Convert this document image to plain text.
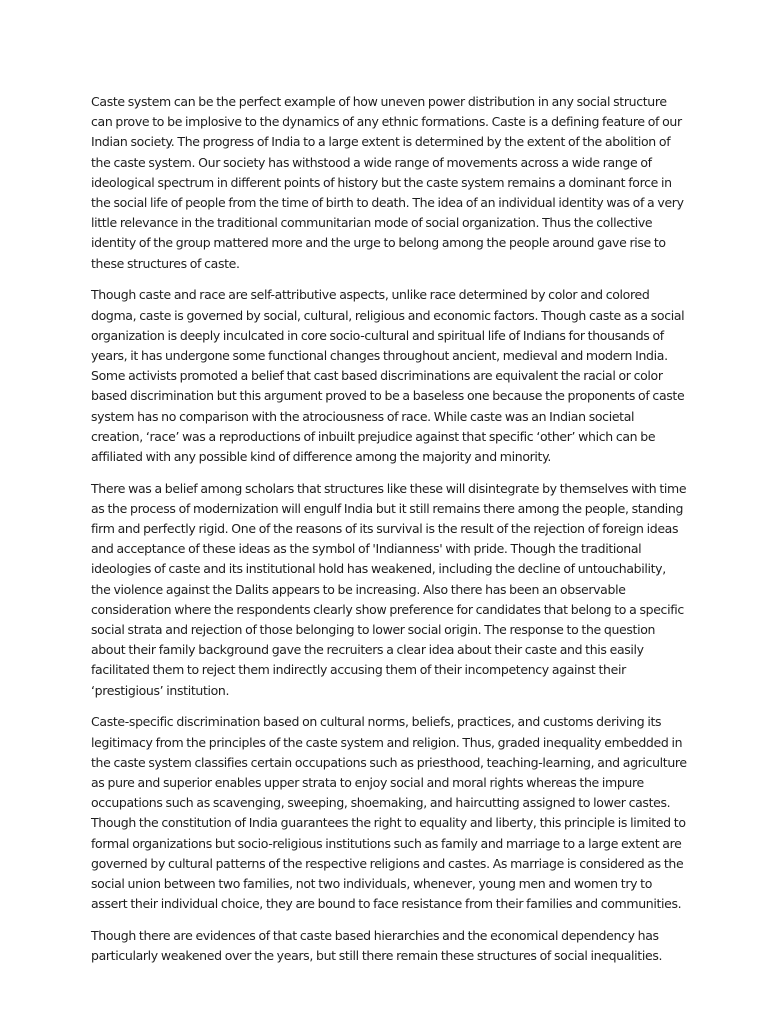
Caste system can be the perfect example of how uneven power distribution in any social structure can prove to be implosive to the dynamics of any ethnic formations. Caste is a defining feature of our Indian society. The progress of India to a large extent is determined by the extent of the abolition of the caste system. Our society has withstood a wide range of movements across a wide range of ideological spectrum in different points of history but the caste system remains a dominant force in the social life of people from the time of birth to death. The idea of an individual identity was of a very little relevance in the traditional communitarian mode of social organization. Thus the collective identity of the group mattered more and the urge to belong among the people around gave rise to these structures of caste.

Though caste and race are self-attributive aspects, unlike race determined by color and colored dogma, caste is governed by social, cultural, religious and economic factors. Though caste as a social organization is deeply inculcated in core socio-cultural and spiritual life of Indians for thousands of years, it has undergone some functional changes throughout ancient, medieval and modern India. Some activists promoted a belief that cast based discriminations are equivalent the racial or color based discrimination but this argument proved to be a baseless one because the proponents of caste system has no comparison with the atrociousness of race. While caste was an Indian societal creation, ‘race’ was a reproductions of inbuilt prejudice against that specific ‘other’ which can be affiliated with any possible kind of difference among the majority and minority.

There was a belief among scholars that structures like these will disintegrate by themselves with time as the process of modernization will engulf India but it still remains there among the people, standing firm and perfectly rigid. One of the reasons of its survival is the result of the rejection of foreign ideas and acceptance of these ideas as the symbol of 'Indianness' with pride. Though the traditional ideologies of caste and its institutional hold has weakened, including the decline of untouchability, the violence against the Dalits appears to be increasing. Also there has been an observable consideration where the respondents clearly show preference for candidates that belong to a specific social strata and rejection of those belonging to lower social origin. The response to the question about their family background gave the recruiters a clear idea about their caste and this easily facilitated them to reject them indirectly accusing them of their incompetency against their ‘prestigious’ institution.

Caste-specific discrimination based on cultural norms, beliefs, practices, and customs deriving its legitimacy from the principles of the caste system and religion. Thus, graded inequality embedded in the caste system classifies certain occupations such as priesthood, teaching-learning, and agriculture as pure and superior enables upper strata to enjoy social and moral rights whereas the impure occupations such as scavenging, sweeping, shoemaking, and haircutting assigned to lower castes. Though the constitution of India guarantees the right to equality and liberty, this principle is limited to formal organizations but socio-religious institutions such as family and marriage to a large extent are governed by cultural patterns of the respective religions and castes. As marriage is considered as the social union between two families, not two individuals, whenever, young men and women try to assert their individual choice, they are bound to face resistance from their families and communities.

Though there are evidences of that caste based hierarchies and the economical dependency has particularly weakened over the years, but still there remain these structures of social inequalities.
